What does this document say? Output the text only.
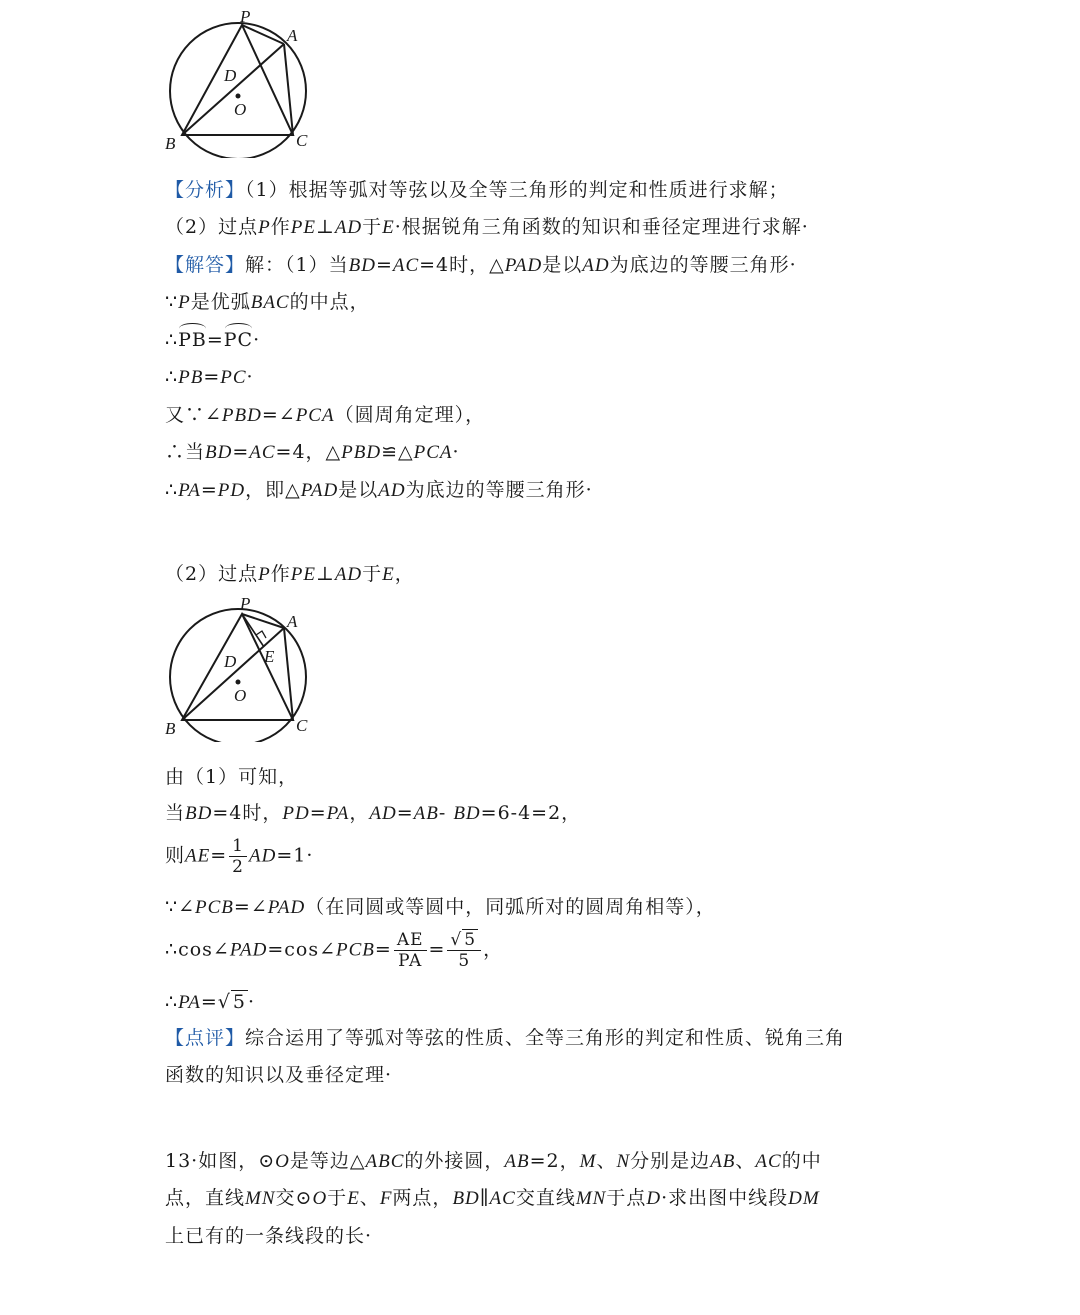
P
A
B	C
D
O
【分析】（1）根据等弧对等弦以及全等三角形的判定和性质进行求解；
（2）过点P作PE⊥AD于E·根据锐角三角函数的知识和垂径定理进行求解·
【解答】解：（1）当BD=AC=4时，△PAD是以AD为底边的等腰三角形·
∵P是优弧BAC的中点，
∴PB=PC·
∴PB=PC·
又∵∠PBD=∠PCA（圆周角定理），
∴当BD=AC=4，△PBD≌△PCA·
∴PA=PD，即△PAD是以AD为底边的等腰三角形·
（2）过点P作PE⊥AD于E，
P
A
B	C
D E
O
由（1）可知，
当BD=4时，PD=PA，AD=AB- BD=6-4=2，
则$AE= \frac{1}{2} AD=1\cdot$
∵∠PCB=∠PAD（在同圆或等圆中，同弧所对的圆周角相等），
∴cos∠PAD=cos∠PCB= $\frac{AE}{PA} = \frac{√ 5}{5}$ ，
∴PA=√ 5 ·
【点评】综合运用了等弧对等弦的性质、全等三角形的判定和性质、锐角三角
函数的知识以及垂径定理·
13·如图，⊙O是等边△ABC的外接圆，AB=2，M、N分别是边AB、AC的中
点，直线MN交⊙O于E、F两点，BD∥AC交直线MN于点D·求出图中线段DM
上已有的一条线段的长·
